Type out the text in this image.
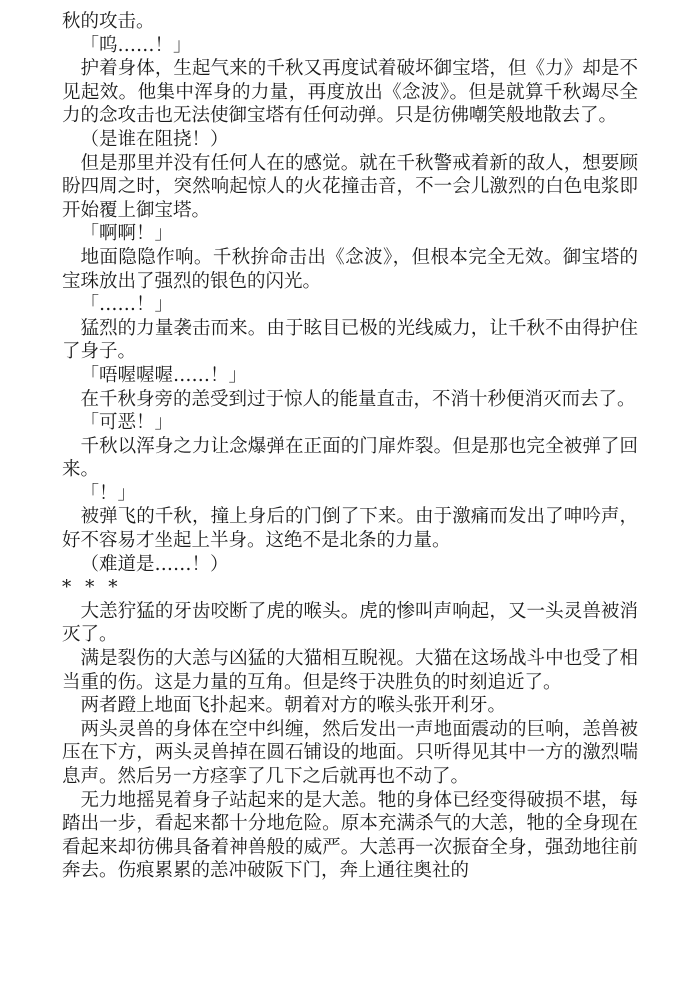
秋的攻击。

「呜……！」

护着身体，生起气来的千秋又再度试着破坏御宝塔，但《力》却是不见起效。他集中浑身的力量，再度放出《念波》。但是就算千秋竭尽全力的念攻击也无法使御宝塔有任何动弹。只是彷佛嘲笑般地散去了。

（是谁在阻挠！）

但是那里并没有任何人在的感觉。就在千秋警戒着新的敌人，想要顾盼四周之时，突然响起惊人的火花撞击音，不一会儿激烈的白色电浆即开始覆上御宝塔。

「啊啊！」

地面隐隐作响。千秋拚命击出《念波》，但根本完全无效。御宝塔的宝珠放出了强烈的银色的闪光。

「……！」

猛烈的力量袭击而来。由于眩目已极的光线威力，让千秋不由得护住了身子。

「唔喔喔喔……！」

在千秋身旁的恙受到过于惊人的能量直击，不消十秒便消灭而去了。

「可恶！」

千秋以浑身之力让念爆弹在正面的门扉炸裂。但是那也完全被弹了回来。

「！」

被弹飞的千秋，撞上身后的门倒了下来。由于激痛而发出了呻吟声，好不容易才坐起上半身。这绝不是北条的力量。

（难道是……！）

* * *

大恙狞猛的牙齿咬断了虎的喉头。虎的惨叫声响起，又一头灵兽被消灭了。

满是裂伤的大恙与凶猛的大猫相互睨视。大猫在这场战斗中也受了相当重的伤。这是力量的互角。但是终于决胜负的时刻追近了。

两者蹬上地面飞扑起来。朝着对方的喉头张开利牙。

两头灵兽的身体在空中纠缠，然后发出一声地面震动的巨响，恙兽被压在下方，两头灵兽掉在圆石铺设的地面。只听得见其中一方的激烈喘息声。然后另一方痉挛了几下之后就再也不动了。

无力地摇晃着身子站起来的是大恙。牠的身体已经变得破损不堪，每踏出一步，看起来都十分地危险。原本充满杀气的大恙，牠的全身现在看起来却彷佛具备着神兽般的威严。大恙再一次振奋全身，强劲地往前奔去。伤痕累累的恙冲破阪下门，奔上通往奥社的
